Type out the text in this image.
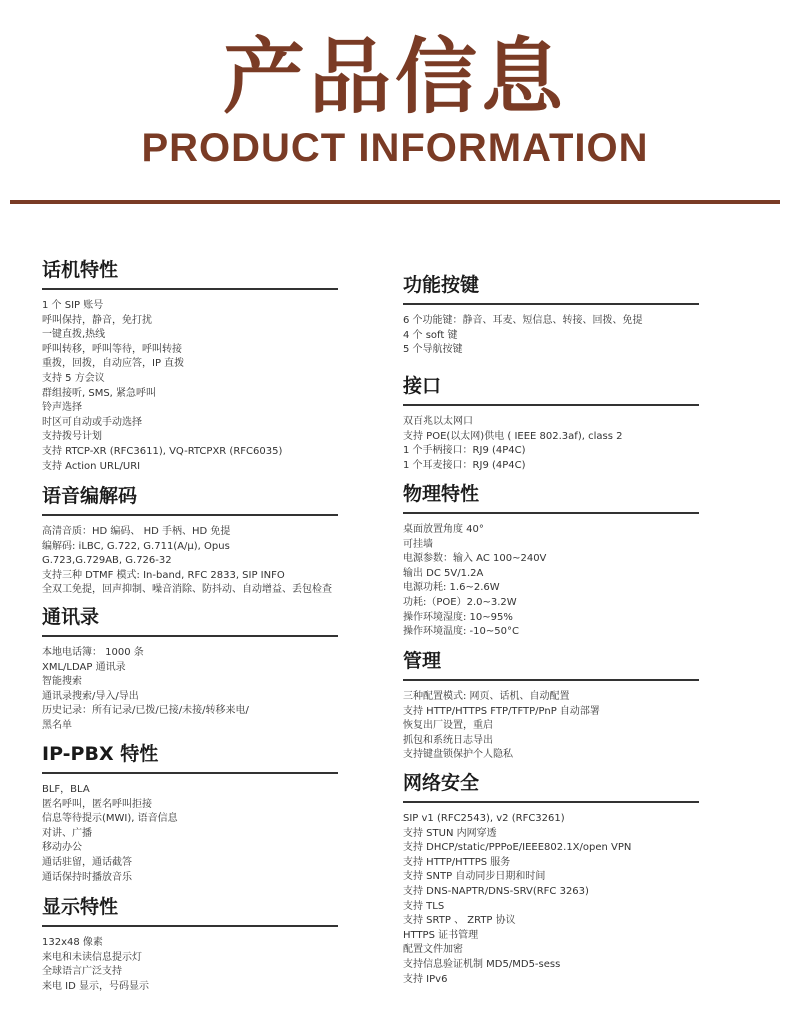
产品信息
PRODUCT INFORMATION
话机特性
1 个 SIP 账号
呼叫保持，静音，免打扰
一键直拨,热线
呼叫转移，呼叫等待，呼叫转接
重拨，回拨，自动应答，IP 直拨
支持 5 方会议
群组接听, SMS, 紧急呼叫
铃声选择
时区可自动或手动选择
支持拨号计划
支持 RTCP-XR (RFC3611), VQ-RTCPXR (RFC6035)
支持 Action URL/URI
语音编解码
高清音质：HD 编码、 HD 手柄、HD 免提
编解码: iLBC, G.722, G.711(A/μ), Opus
G.723,G.729AB, G.726-32
支持三种 DTMF 模式: In-band, RFC 2833, SIP INFO
全双工免提，回声抑制、噪音消除、防抖动、自动增益、丢包检查
通讯录
本地电话簿： 1000 条
XML/LDAP 通讯录
智能搜索
通讯录搜索/导入/导出
历史记录：所有记录/已拨/已接/未接/转移来电/
黑名单
IP-PBX 特性
BLF，BLA
匿名呼叫，匿名呼叫拒接
信息等待提示(MWI), 语音信息
对讲、广播
移动办公
通话驻留，通话截答
通话保持时播放音乐
显示特性
132x48 像素
来电和未读信息提示灯
全球语言广泛支持
来电 ID 显示，号码显示
功能按键
6 个功能键：静音、耳麦、短信息、转接、回拨、免提
4 个 soft 键
5 个导航按键
接口
双百兆以太网口
支持 POE(以太网)供电 ( IEEE 802.3af), class 2
1 个手柄接口：RJ9 (4P4C)
1 个耳麦接口：RJ9 (4P4C)
物理特性
桌面放置角度 40°
可挂墙
电源参数：输入 AC 100~240V
输出 DC 5V/1.2A
电源功耗: 1.6~2.6W
功耗:（POE）2.0~3.2W
操作环境湿度: 10~95%
操作环境温度: -10~50°C
管理
三种配置模式: 网页、话机、自动配置
支持 HTTP/HTTPS FTP/TFTP/PnP 自动部署
恢复出厂设置，重启
抓包和系统日志导出
支持键盘锁保护个人隐私
网络安全
SIP v1 (RFC2543), v2 (RFC3261)
支持 STUN 内网穿透
支持 DHCP/static/PPPoE/IEEE802.1X/open VPN
支持 HTTP/HTTPS 服务
支持 SNTP 自动同步日期和时间
支持 DNS-NAPTR/DNS-SRV(RFC 3263)
支持 TLS
支持 SRTP 、 ZRTP 协议
HTTPS 证书管理
配置文件加密
支持信息验证机制 MD5/MD5-sess
支持 IPv6
